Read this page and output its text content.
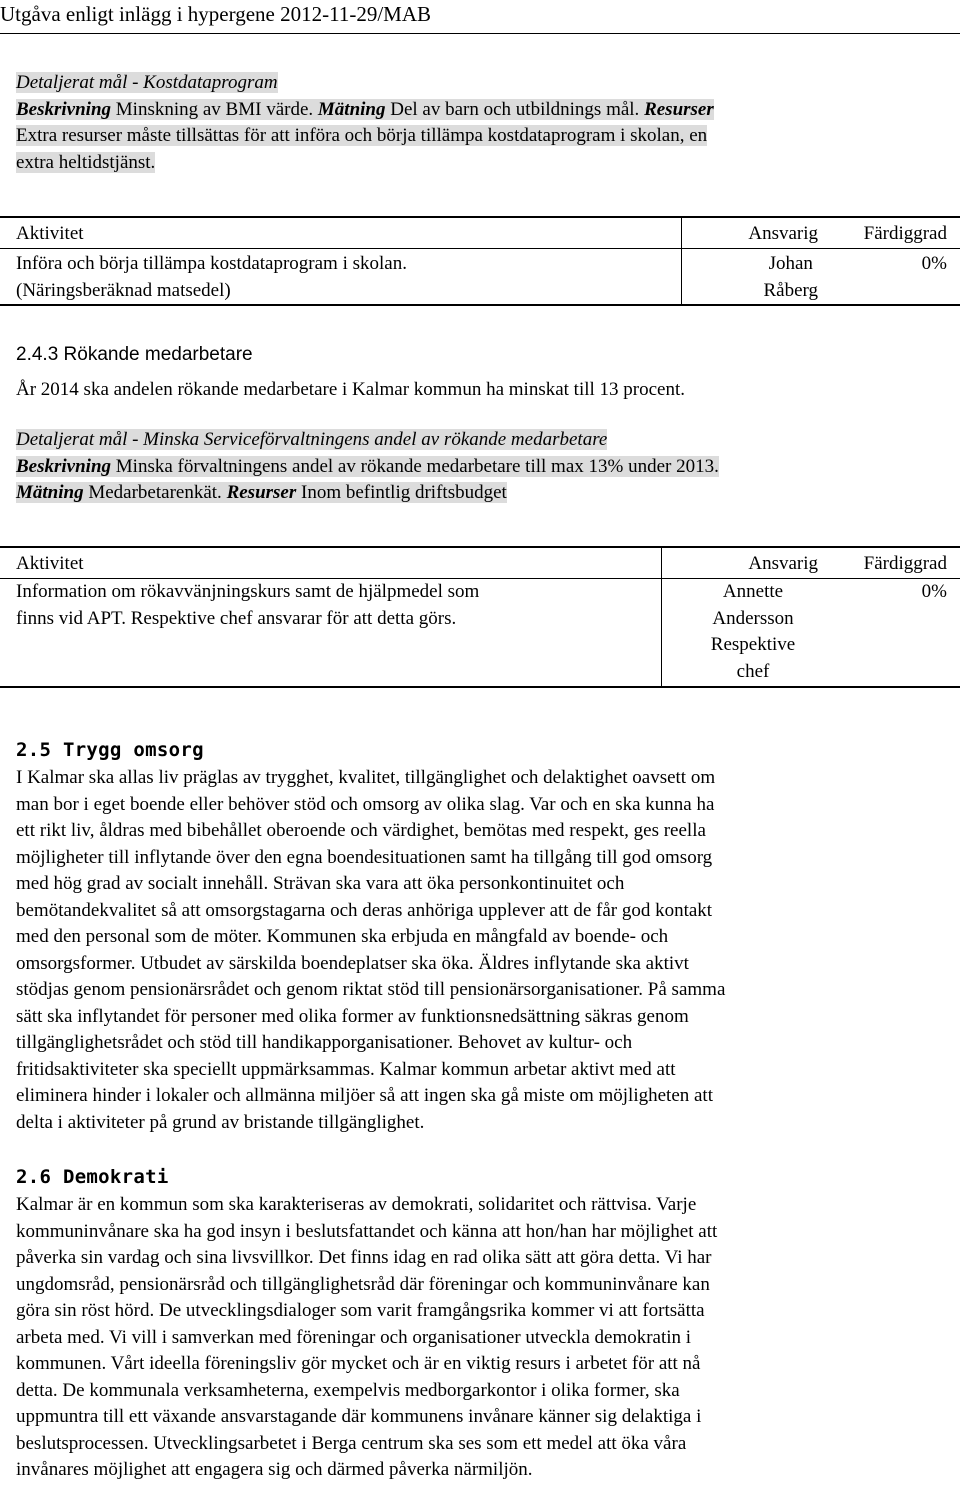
Utgåva enligt inlägg i hypergene 2012-11-29/MAB
Detaljerat mål - Kostdataprogram
Beskrivning Minskning av BMI värde. Mätning Del av barn och utbildnings mål. Resurser
Extra resurser måste tillsättas för att införa och börja tillämpa kostdataprogram i skolan, en
extra heltidstjänst.
Aktivitet	Ansvarig Färdiggrad
Införa och börja tillämpa kostdataprogram i skolan.
(Näringsberäknad matsedel)
Johan
Råberg
0%
2.4.3 Rökande medarbetare
År 2014 ska andelen rökande medarbetare i Kalmar kommun ha minskat till 13 procent.
Detaljerat mål - Minska Serviceförvaltningens andel av rökande medarbetare
Beskrivning Minska förvaltningens andel av rökande medarbetare till max 13% under 2013.
Mätning Medarbetarenkät. Resurser Inom befintlig driftsbudget
Aktivitet	Ansvarig Färdiggrad
Information om rökavvänjningskurs samt de hjälpmedel som
finns vid APT. Respektive chef ansvarar för att detta görs.
Annette
Andersson
Respektive
chef
0%
2.5 Trygg omsorg
I Kalmar ska allas liv präglas av trygghet, kvalitet, tillgänglighet och delaktighet oavsett om
man bor i eget boende eller behöver stöd och omsorg av olika slag. Var och en ska kunna ha
ett rikt liv, åldras med bibehållet oberoende och värdighet, bemötas med respekt, ges reella
möjligheter till inflytande över den egna boendesituationen samt ha tillgång till god omsorg
med hög grad av socialt innehåll. Strävan ska vara att öka personkontinuitet och
bemötandekvalitet så att omsorgstagarna och deras anhöriga upplever att de får god kontakt
med den personal som de möter. Kommunen ska erbjuda en mångfald av boende- och
omsorgsformer. Utbudet av särskilda boendeplatser ska öka. Äldres inflytande ska aktivt
stödjas genom pensionärsrådet och genom riktat stöd till pensionärsorganisationer. På samma
sätt ska inflytandet för personer med olika former av funktionsnedsättning säkras genom
tillgänglighetsrådet och stöd till handikapporganisationer. Behovet av kultur- och
fritidsaktiviteter ska speciellt uppmärksammas. Kalmar kommun arbetar aktivt med att
eliminera hinder i lokaler och allmänna miljöer så att ingen ska gå miste om möjligheten att
delta i aktiviteter på grund av bristande tillgänglighet.
2.6 Demokrati
Kalmar är en kommun som ska karakteriseras av demokrati, solidaritet och rättvisa. Varje
kommuninvånare ska ha god insyn i beslutsfattandet och känna att hon/han har möjlighet att
påverka sin vardag och sina livsvillkor. Det finns idag en rad olika sätt att göra detta. Vi har
ungdomsråd, pensionärsråd och tillgänglighetsråd där föreningar och kommuninvånare kan
göra sin röst hörd. De utvecklingsdialoger som varit framgångsrika kommer vi att fortsätta
arbeta med. Vi vill i samverkan med föreningar och organisationer utveckla demokratin i
kommunen. Vårt ideella föreningsliv gör mycket och är en viktig resurs i arbetet för att nå
detta. De kommunala verksamheterna, exempelvis medborgarkontor i olika former, ska
uppmuntra till ett växande ansvarstagande där kommunens invånare känner sig delaktiga i
beslutsprocessen. Utvecklingsarbetet i Berga centrum ska ses som ett medel att öka våra
invånares möjlighet att engagera sig och därmed påverka närmiljön.
